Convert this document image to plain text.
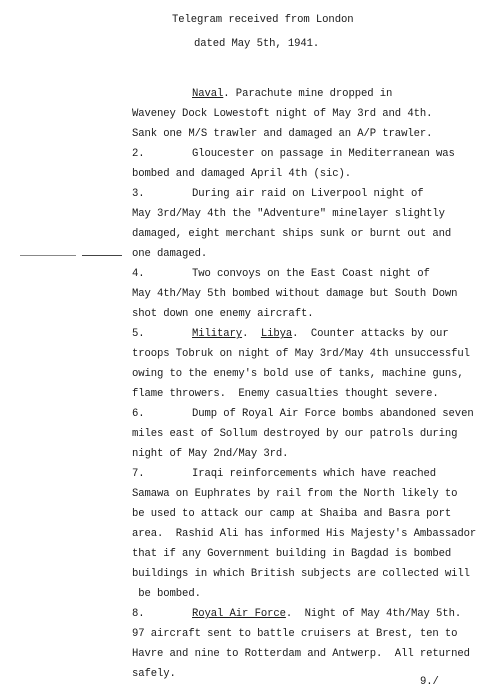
Telegram received from London
dated May 5th, 1941.
Naval. Parachute mine dropped in
Waveney Dock Lowestoft night of May 3rd and 4th.
Sank one M/S trawler and damaged an A/P trawler.
2.	Gloucester on passage in Mediterranean was
bombed and damaged April 4th (sic).
3.	During air raid on Liverpool night of
May 3rd/May 4th the "Adventure" minelayer slightly
damaged, eight merchant ships sunk or burnt out and
one damaged.
4.	Two convoys on the East Coast night of
May 4th/May 5th bombed without damage but South Down
shot down one enemy aircraft.
5.	Military.  Libya.  Counter attacks by our
troops Tobruk on night of May 3rd/May 4th unsuccessful
owing to the enemy's bold use of tanks, machine guns,
flame throwers.  Enemy casualties thought severe.
6.	Dump of Royal Air Force bombs abandoned seven
miles east of Sollum destroyed by our patrols during
night of May 2nd/May 3rd.
7.	Iraqi reinforcements which have reached
Samawa on Euphrates by rail from the North likely to
be used to attack our camp at Shaiba and Basra port
area.  Rashid Ali has informed His Majesty's Ambassador
that if any Government building in Bagdad is bombed
buildings in which British subjects are collected will
be bombed.
8.	Royal Air Force.  Night of May 4th/May 5th.
97 aircraft sent to battle cruisers at Brest, ten to
Havre and nine to Rotterdam and Antwerp.  All returned
safely.
9./
